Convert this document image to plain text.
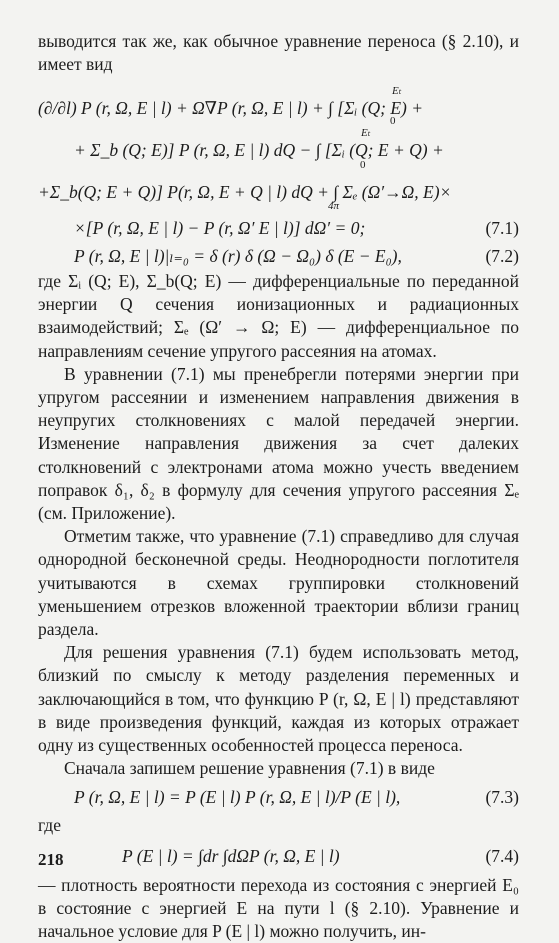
выводится так же, как обычное уравнение переноса (§ 2.10), и имеет вид

(∂/∂l) P (r, Ω, E | l) + Ω∇P (r, Ω, E | l) + ∫ [Σᵢ (Q; E) +
+ Σ_b (Q; E)] P (r, Ω, E | l) dQ − ∫ [Σᵢ (Q; E + Q) +
+Σ_b(Q; E + Q)] P(r, Ω, E + Q | l) dQ + ∫ Σₑ (Ω′→Ω, E)×
×[P (r, Ω, E | l) − P (r, Ω′ E | l)] dΩ′ = 0;	(7.1)
P (r, Ω, E | l)|ₗ₌₀ = δ (r) δ (Ω − Ω₀) δ (E − E₀),	(7.2)
Eₜ
0
Eₜ
0
4π

где Σᵢ (Q; E), Σ_b(Q; E) — дифференциальные по переданной энергии Q сечения ионизационных и радиационных взаимодействий; Σₑ (Ω′ → Ω; E) — дифференциальное по направлениям сечение упругого рассеяния на атомах.

В уравнении (7.1) мы пренебрегли потерями энергии при упругом рассеянии и изменением направления движения в неупругих столкновениях с малой передачей энергии. Изменение направления движения за счет далеких столкновений с электронами атома можно учесть введением поправок δ₁, δ₂ в формулу для сечения упругого рассеяния Σₑ (см. Приложение).

Отметим также, что уравнение (7.1) справедливо для случая однородной бесконечной среды. Неоднородности поглотителя учитываются в схемах группировки столкновений уменьшением отрезков вложенной траектории вблизи границ раздела.

Для решения уравнения (7.1) будем использовать метод, близкий по смыслу к методу разделения переменных и заключающийся в том, что функцию P (r, Ω, E | l) представляют в виде произведения функций, каждая из которых отражает одну из существенных особенностей процесса переноса.

Сначала запишем решение уравнения (7.1) в виде

P (r, Ω, E | l) = P (E | l) P (r, Ω, E | l)/P (E | l),	(7.3)

где

P (E | l) = ∫dr ∫dΩP (r, Ω, E | l)	(7.4)

— плотность вероятности перехода из состояния с энергией E₀ в состояние с энергией E на пути l (§ 2.10). Уравнение и начальное условие для P (E | l) можно получить, ин-

218
